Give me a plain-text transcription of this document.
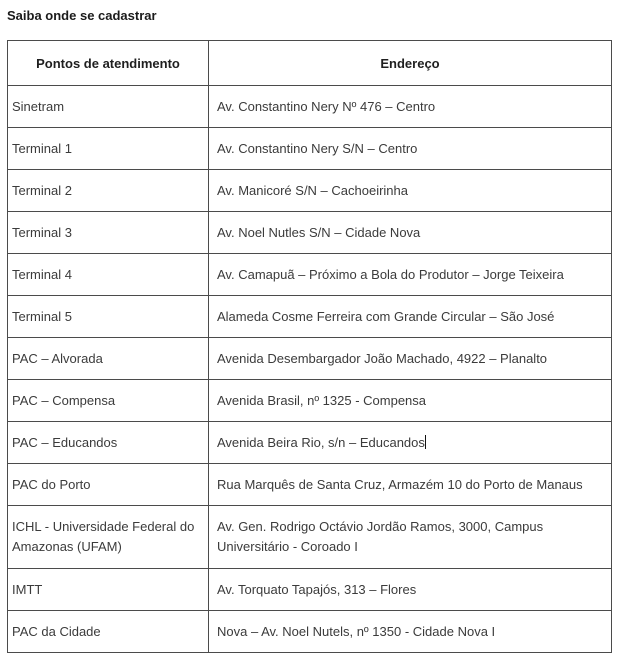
Saiba onde se cadastrar

Pontos de atendimento	Endereço
Sinetram	Av. Constantino Nery Nº 476 – Centro
Terminal 1	Av. Constantino Nery S/N – Centro
Terminal 2	Av. Manicoré S/N – Cachoeirinha
Terminal 3	Av. Noel Nutles S/N – Cidade Nova
Terminal 4	Av. Camapuã – Próximo a Bola do Produtor – Jorge Teixeira
Terminal 5	Alameda Cosme Ferreira com Grande Circular – São José
PAC – Alvorada	Avenida Desembargador João Machado, 4922 – Planalto
PAC – Compensa	Avenida Brasil, nº 1325 - Compensa
PAC – Educandos	Avenida Beira Rio, s/n – Educandos
PAC do Porto	Rua Marquês de Santa Cruz, Armazém 10 do Porto de Manaus
ICHL - Universidade Federal do Amazonas (UFAM)	Av. Gen. Rodrigo Octávio Jordão Ramos, 3000, Campus Universitário - Coroado I
IMTT	Av. Torquato Tapajós, 313 – Flores
PAC da Cidade	Nova – Av. Noel Nutels, nº 1350 - Cidade Nova I
